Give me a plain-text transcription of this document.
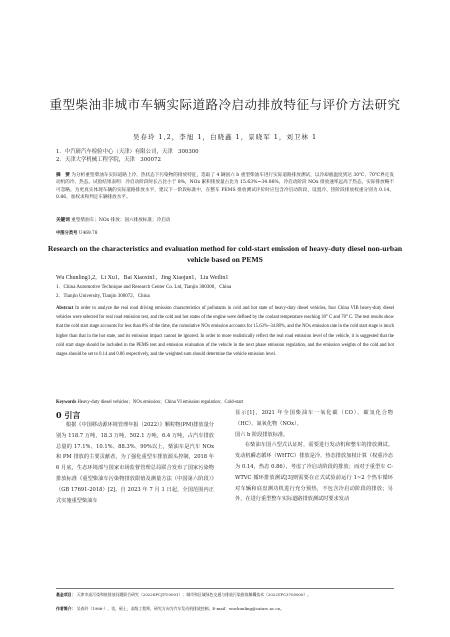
重型柴油非城市车辆实际道路冷启动排放特征与评价方法研究
吴春玲 1,2，李旭 1，白晓鑫 1，景晓军 1，刘卫林 1
1．中汽研汽车检验中心（天津）有限公司，天津　300300
2．天津大学机械工程学院，天津　300072

摘　要 为分析重型柴油车实际道路上冷、热状态下污染物的排放特征，选取了 4 辆国六 b 重型柴油车进行实际道路排放测试，以冷却液温度到达 30℃、70℃界定发动机的冷、热态。试验结果表明：冷启动阶段时长占比小于 8%，NOx 累积排放量占比为 15.63%~34.88%，冷启动阶段 NOx 排放速率远高于热态，实际排放略不可忽略。为更真实体现车辆的实际道路排放水平，建议下一阶段标准中，在整车 PEMS 排放测试评价时应包含冷启动阶段，设置冷、热阶段排放权重分别为 0.14、0.86，加权求和判定车辆排放水平。

关键词 重型柴油车；NOx 排放；国六排放标准；冷启动

中图分类号 U469.78
Research on the characteristics and evaluation method for cold-start emission of heavy-duty diesel non-urban vehicle based on PEMS
Wu Chunling1,2，Li Xu1，Bai Xiaoxin1，Jing Xiaojun1，Liu Weilin1
1．China Automotive Technique and Research Center Co. Ltd, Tianjin 300300，China
2．Tianjin University, Tianjin 300072，China

Abstract In order to analyze the real road driving emission characteristics of pollutants in cold and hot state of heavy-duty diesel vehicles, four China VIB heavy-duty diesel vehicles were selected for real road emission test, and the cold and hot states of the engine were defined by the coolant temperature reaching 30° C and 70° C. The test results show that the cold start stage accounts for less than 8% of the time, the cumulative NOx emission accounts for 15.63%~34.88%, and the NOx emission rate in the cold start stage is much higher than that in the hot state, and its emission impact cannot be ignored. In order to more realistically reflect the real road emission level of the vehicle, it is suggested that the cold start stage should be included in the PEMS test and emission evaluation of the vehicle in the next phase emission regulation, and the emission weights of the cold and hot stages should be set to 0.14 and 0.86 respectively, and the weighted sum should determine the vehicle emission level.

Keywords Heavy-duty diesel vehicles；NOx emission；China VI emission regulation；Cold-start

0 引言

根据《中国移动源环境管理年报（2022）》颗粒物(PM)排放量分别为 118.7 万吨、18.3 万吨、502.1 万吨、6.4 万吨，占汽车排放总量的 17.1%、10.1%、88.3%、99%以上，柴油车是汽车 NOx 和 PM 排放的主要贡献者。为了强化重型车排放源头控制，2018 年 6 月底，生态环境部与国家市场监督管理总局联合发布了国家污染物排放标准《重型柴油车污染物排放限值及测量方法（中国第六阶段）》（GB 17691-2018）[2]。自 2023 年 7 月 1 日起，全国范围内正式实施重型柴油车

显示[1]，2021 年全国柴油车一氧化碳（CO）、碳氢化合物（HC）、氮氧化物（NOx）、

国六 b 阶段排放标准。

在柴油车国六型式认证时，需要进行发动机和整车的排放测试。发动机瞬态循环（WHTC）排放是冷、热态排放加权计算（权重冷态为 0.14，热态 0.86），考虑了冷启动阶段的排放；而对于重型车 C-WTVC 循环排放测试[3]则需要在正式试验前运行 1~2 个热车循环对车辆和底盘测功机进行充分预热，不包含冷启动阶段的排放；另外，在进行重型整车实际道路排放测试时要求发动

基金项目： 天津市高污染和低排放问题联合研究（2022SFCJTU0001）；城市和区域绿色交通与排放污染排放解耦技术（2022YFC3705000）。
作者简介： 吴春玲（1986-），男，硕士，高级工程师，研究方向为汽车发动机排放控制。E-mail：wuchunling@catarc.ac.cn。
